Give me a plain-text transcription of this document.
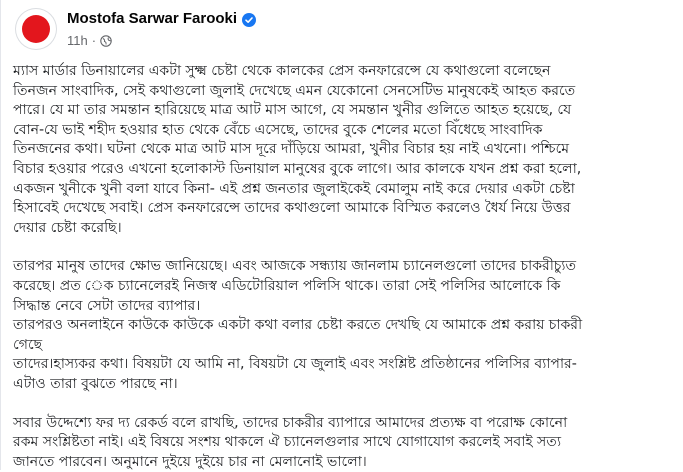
Mostofa Sarwar Farooki
11h ·
ম্যাস মার্ডার ডিনায়ালের একটা সুক্ষ্ম চেষ্টা থেকে কালকের প্রেস কনফারেন্সে যে কথাগুলো বলেছেন
তিনজন সাংবাদিক, সেই কথাগুলো জুলাই দেখেছে এমন যেকোনো সেনসেটিভ মানুষকেই আহত করতে
পারে। যে মা তার সমন্তান হারিয়েছে মাত্র আট মাস আগে, যে সমন্তান খুনীর গুলিতে আহত হয়েছে, যে
বোন-যে ভাই শহীদ হওয়ার হাত থেকে বেঁচে এসেছে, তাদের বুকে শেলের মতো বিঁধেছে সাংবাদিক
তিনজনের কথা। ঘটনা থেকে মাত্র আট মাস দূরে দাঁড়িয়ে আমরা, খুনীর বিচার হয় নাই এখনো। পশ্চিমে
বিচার হওয়ার পরেও এখনো হলোকাস্ট ডিনায়াল মানুষের বুকে লাগে। আর কালকে যখন প্রশ্ন করা হলো,
একজন খুনীকে খুনী বলা যাবে কিনা- এই প্রশ্ন জনতার জুলাইকেই বেমালুম নাই করে দেয়ার একটা চেষ্টা
হিসাবেই দেখেছে সবাই। প্রেস কনফারেন্সে তাদের কথাগুলো আমাকে বিস্মিত করলেও ধৈর্য নিয়ে উত্তর
দেয়ার চেষ্টা করেছি।
তারপর মানুষ তাদের ক্ষোভ জানিয়েছে। এবং আজকে সন্ধ্যায় জানলাম চ্যানেলগুলো তাদের চাকরীচ্যুত
করেছে। প্রত েক চ্যানেলেরই নিজস্ব এডিটোরিয়াল পলিসি থাকে। তারা সেই পলিসির আলোকে কি
সিদ্ধান্ত নেবে সেটা তাদের ব্যাপার।
তারপরও অনলাইনে কাউকে কাউকে একটা কথা বলার চেষ্টা করতে দেখছি যে আমাকে প্রশ্ন করায় চাকরী
গেছে
তাদের।হাস্যকর কথা। বিষয়টা যে আমি না, বিষয়টা যে জুলাই এবং সংশ্লিষ্ট প্রতিষ্ঠানের পলিসির ব্যাপার-
এটাও তারা বুঝতে পারছে না।
সবার উদ্দেশ্যে ফর দ্য রেকর্ড বলে রাখছি, তাদের চাকরীর ব্যাপারে আমাদের প্রত্যক্ষ বা পরোক্ষ কোনো
রকম সংশ্লিষ্টতা নাই। এই বিষয়ে সংশয় থাকলে ঐ চ্যানেলগুলার সাথে যোগাযোগ করলেই সবাই সত্য
জানতে পারবেন। অনুমানে দুইয়ে দুইয়ে চার না মেলানোই ভালো।
